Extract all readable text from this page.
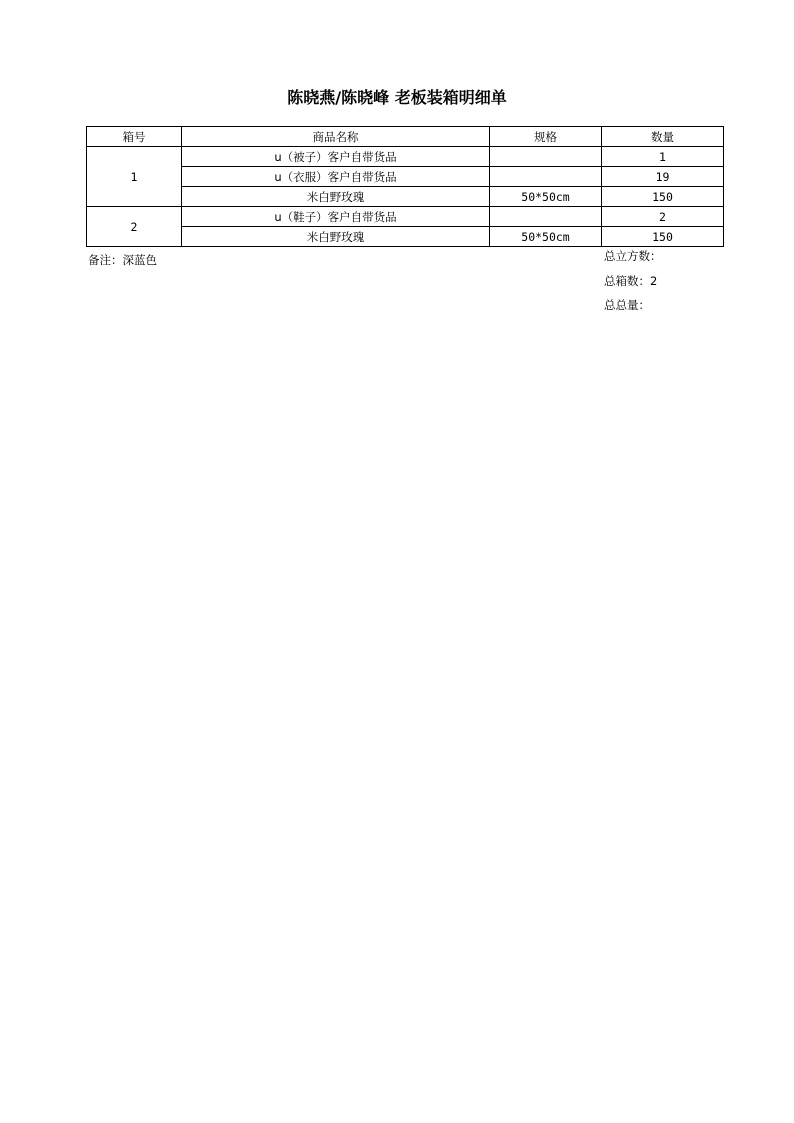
陈晓燕/陈晓峰 老板装箱明细单
箱号	商品名称	规格	数量
1	u（被子）客户自带货品		1
	u（衣服）客户自带货品		19
	米白野玫瑰	50*50cm	150
2	u（鞋子）客户自带货品		2
	米白野玫瑰	50*50cm	150
备注：深蓝色	总立方数：
总箱数：2
总总量：
